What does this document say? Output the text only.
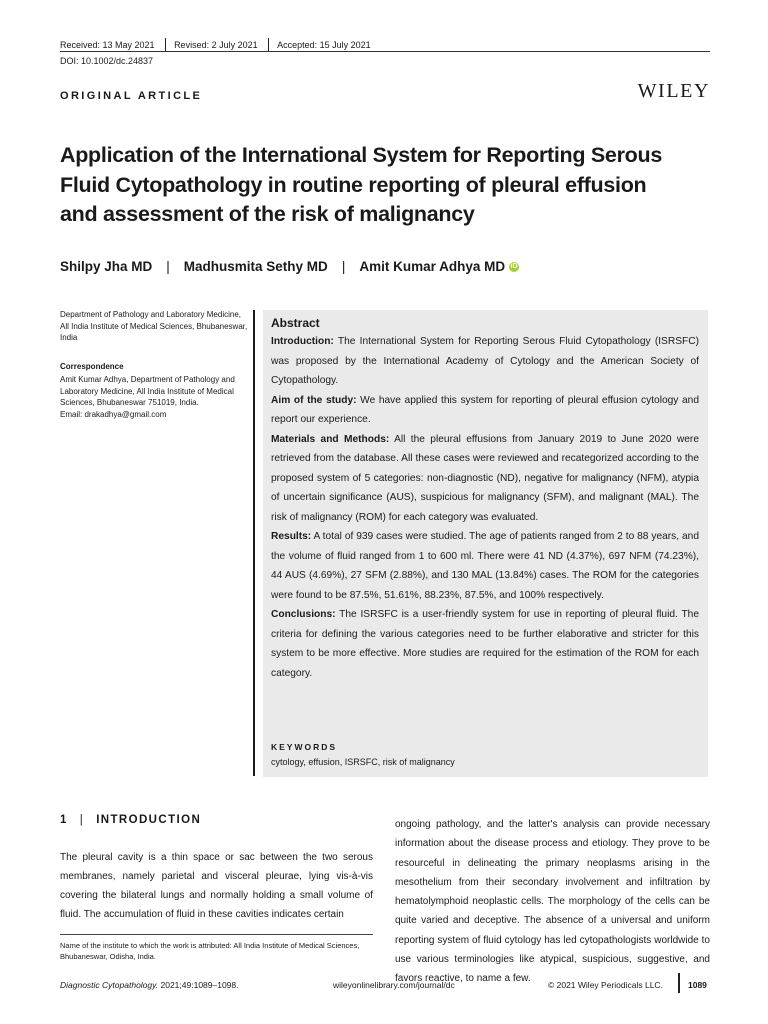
Received: 13 May 2021	Revised: 2 July 2021	Accepted: 15 July 2021
DOI: 10.1002/dc.24837
ORIGINAL ARTICLE	WILEY
Application of the International System for Reporting Serous
Fluid Cytopathology in routine reporting of pleural effusion
and assessment of the risk of malignancy
Shilpy Jha MD | Madhusmita Sethy MD | Amit Kumar Adhya MD iD
Department of Pathology and Laboratory Medicine, All India Institute of Medical Sciences, Bhubaneswar, India
Correspondence
Amit Kumar Adhya, Department of Pathology and Laboratory Medicine, All India Institute of Medical Sciences, Bhubaneswar 751019, India.
Email: drakadhya@gmail.com
Abstract

Introduction: The International System for Reporting Serous Fluid Cytopathology (ISRSFC) was proposed by the International Academy of Cytology and the American Society of Cytopathology.

Aim of the study: We have applied this system for reporting of pleural effusion cytology and report our experience.

Materials and Methods: All the pleural effusions from January 2019 to June 2020 were retrieved from the database. All these cases were reviewed and recategorized according to the proposed system of 5 categories: non-diagnostic (ND), negative for malignancy (NFM), atypia of uncertain significance (AUS), suspicious for malignancy (SFM), and malignant (MAL). The risk of malignancy (ROM) for each category was evaluated.

Results: A total of 939 cases were studied. The age of patients ranged from 2 to 88 years, and the volume of fluid ranged from 1 to 600 ml. There were 41 ND (4.37%), 697 NFM (74.23%), 44 AUS (4.69%), 27 SFM (2.88%), and 130 MAL (13.84%) cases. The ROM for the categories were found to be 87.5%, 51.61%, 88.23%, 87.5%, and 100% respectively.

Conclusions: The ISRSFC is a user-friendly system for use in reporting of pleural fluid. The criteria for defining the various categories need to be further elaborative and stricter for this system to be more effective. More studies are required for the estimation of the ROM for each category.

KEYWORDS
cytology, effusion, ISRSFC, risk of malignancy
1 | INTRODUCTION
The pleural cavity is a thin space or sac between the two serous membranes, namely parietal and visceral pleurae, lying vis-à-vis covering the bilateral lungs and normally holding a small volume of fluid. The accumulation of fluid in these cavities indicates certain
ongoing pathology, and the latter's analysis can provide necessary information about the disease process and etiology. They prove to be resourceful in delineating the primary neoplasms arising in the mesothelium from their secondary involvement and infiltration by hematolymphoid neoplastic cells. The morphology of the cells can be quite varied and deceptive. The absence of a universal and uniform reporting system of fluid cytology has led cytopathologists worldwide to use various terminologies like atypical, suspicious, suggestive, and favors reactive, to name a few.
Name of the institute to which the work is attributed: All India Institute of Medical Sciences, Bhubaneswar, Odisha, India.
Diagnostic Cytopathology. 2021;49:1089–1098.	wileyonlinelibrary.com/journal/dc	© 2021 Wiley Periodicals LLC.	1089
